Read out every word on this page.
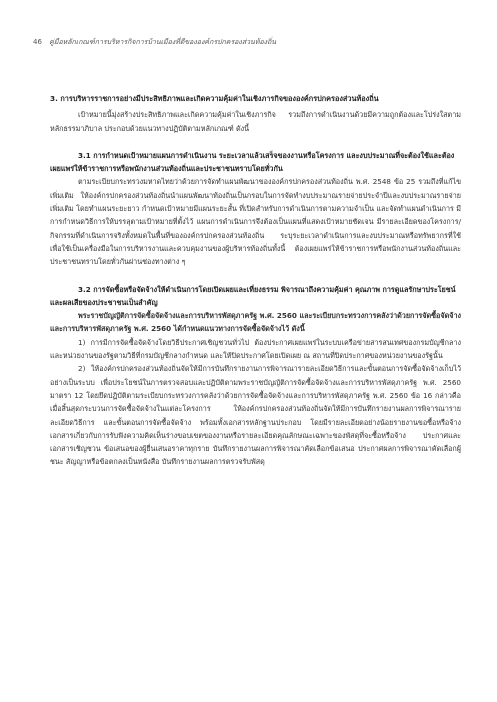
46 คู่มือหลักเกณฑ์การบริหารกิจการบ้านเมืองที่ดีขององค์กรปกครองส่วนท้องถิ่น
3. การบริหารราชการอย่างมีประสิทธิภาพและเกิดความคุ้มค่าในเชิงภารกิจขององค์กรปกครองส่วนท้องถิ่น

เป้าหมายนี้มุ่งสร้างประสิทธิภาพและเกิดความคุ้มค่าในเชิงภารกิจ รวมถึงการดำเนินงานด้วยมีความถูกต้องและโปร่งใสตามหลักธรรมาภิบาล ประกอบด้วยแนวทางปฏิบัติตามหลักเกณฑ์ ดังนี้

3.1 การกำหนดเป้าหมายแผนการดำเนินงาน ระยะเวลาแล้วเสร็จของงานหรือโครงการ และงบประมาณที่จะต้องใช้และต้องเผยแพร่ให้ข้าราชการหรือพนักงานส่วนท้องถิ่นและประชาชนทราบโดยทั่วกัน

ตามระเบียบกระทรวงมหาดไทยว่าด้วยการจัดทำแผนพัฒนาขององค์กรปกครองส่วนท้องถิ่น พ.ศ. 2548 ข้อ 25 รวมถึงที่แก้ไขเพิ่มเติม ให้องค์กรปกครองส่วนท้องถิ่นนำแผนพัฒนาท้องถิ่นเป็นกรอบในการจัดทำงบประมาณรายจ่ายประจำปีและงบประมาณรายจ่ายเพิ่มเติม โดยทำแผนระยะยาว กำหนดเป้าหมายมีแผนระยะสั้น ที่เปิดสำหรับการดำเนินการตามความจำเป็น และจัดทำแผนดำเนินการ มีการกำหนดวิธีการให้บรรลุตามเป้าหมายที่ตั้งไว้ แผนการดำเนินการจึงต้องเป็นแผนที่แสดงเป้าหมายชัดเจน มีรายละเอียดของโครงการ/กิจกรรมที่ดำเนินการจริงทั้งหมดในพื้นที่ขององค์กรปกครองส่วนท้องถิ่น ระบุระยะเวลาดำเนินการและงบประมาณหรือทรัพยากรที่ใช้ เพื่อใช้เป็นเครื่องมือในการบริหารงานและควบคุมงานของผู้บริหารท้องถิ่นทั้งนี้ ต้องเผยแพร่ให้ข้าราชการหรือพนักงานส่วนท้องถิ่นและประชาชนทราบโดยทั่วกันผ่านช่องทางต่าง ๆ

3.2 การจัดซื้อหรือจัดจ้างให้ดำเนินการโดยเปิดเผยและเที่ยงธรรม พิจารณาถึงความคุ้มค่า คุณภาพ การดูแลรักษาประโยชน์ และผลเสียของประชาชนเป็นสำคัญ

พระราชบัญญัติการจัดซื้อจัดจ้างและการบริหารพัสดุภาครัฐ พ.ศ. 2560 และระเบียบกระทรวงการคลังว่าด้วยการจัดซื้อจัดจ้างและการบริหารพัสดุภาครัฐ พ.ศ. 2560 ได้กำหนดแนวทางการจัดซื้อจัดจ้างไว้ ดังนี้

1) การมีการจัดซื้อจัดจ้างโดยวิธีประกาศเชิญชวนทั่วไป ต้องประกาศเผยแพร่ในระบบเครือข่ายสารสนเทศของกรมบัญชีกลางและหน่วยงานของรัฐตามวิธีที่กรมบัญชีกลางกำหนด และให้ปิดประกาศโดยเปิดเผย ณ สถานที่ปิดประกาศของหน่วยงานของรัฐนั้น

2) ให้องค์กรปกครองส่วนท้องถิ่นจัดให้มีการบันทึกรายงานการพิจารณารายละเอียดวิธีการและขั้นตอนการจัดซื้อจัดจ้างเก็บไว้อย่างเป็นระบบ เพื่อประโยชน์ในการตรวจสอบและปฏิบัติตามพระราชบัญญัติการจัดซื้อจัดจ้างและการบริหารพัสดุภาครัฐ พ.ศ. 2560 มาตรา 12 โดยยึดปฏิบัติตามระเบียบกระทรวงการคลังว่าด้วยการจัดซื้อจัดจ้างและการบริหารพัสดุภาครัฐ พ.ศ. 2560 ข้อ 16 กล่าวคือ เมื่อสิ้นสุดกระบวนการจัดซื้อจัดจ้างในแต่ละโครงการ ให้องค์กรปกครองส่วนท้องถิ่นจัดให้มีการบันทึกรายงานผลการพิจารณารายละเอียดวิธีการ และขั้นตอนการจัดซื้อจัดจ้าง พร้อมทั้งเอกสารหลักฐานประกอบ โดยมีรายละเอียดอย่างน้อยรายงานขอซื้อหรือจ้าง เอกสารเกี่ยวกับการรับฟังความคิดเห็นร่างขอบเขตของงานหรือรายละเอียดคุณลักษณะเฉพาะของพัสดุที่จะซื้อหรือจ้าง ประกาศและเอกสารเชิญชวน ข้อเสนอของผู้ยื่นเสนอราคาทุกราย บันทึกรายงานผลการพิจารณาคัดเลือกข้อเสนอ ประกาศผลการพิจารณาคัดเลือกผู้ชนะ สัญญาหรือข้อตกลงเป็นหนังสือ บันทึกรายงานผลการตรวจรับพัสดุ
